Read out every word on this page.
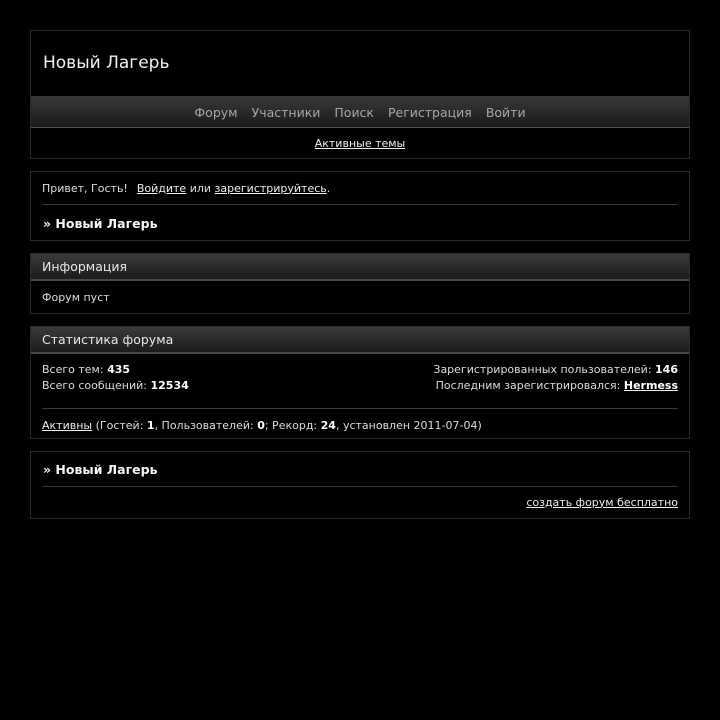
Новый Лагерь
Форум Участники Поиск Регистрация Войти
Активные темы
Привет, Гость! Войдите
или
зарегистрируйтесь .
» Новый Лагерь
Информация
Форум пуст
Статистика форума
Всего тем: 435
Всего сообщений: 12534
Зарегистрированных пользователей: 146
Последним зарегистрировался: Hermess
Активны
(Гостей:
1 , Пользователей:
0 ; Рекорд:
24 , установлен 2011-07-04)
» Новый Лагерь
создать форум бесплатно
